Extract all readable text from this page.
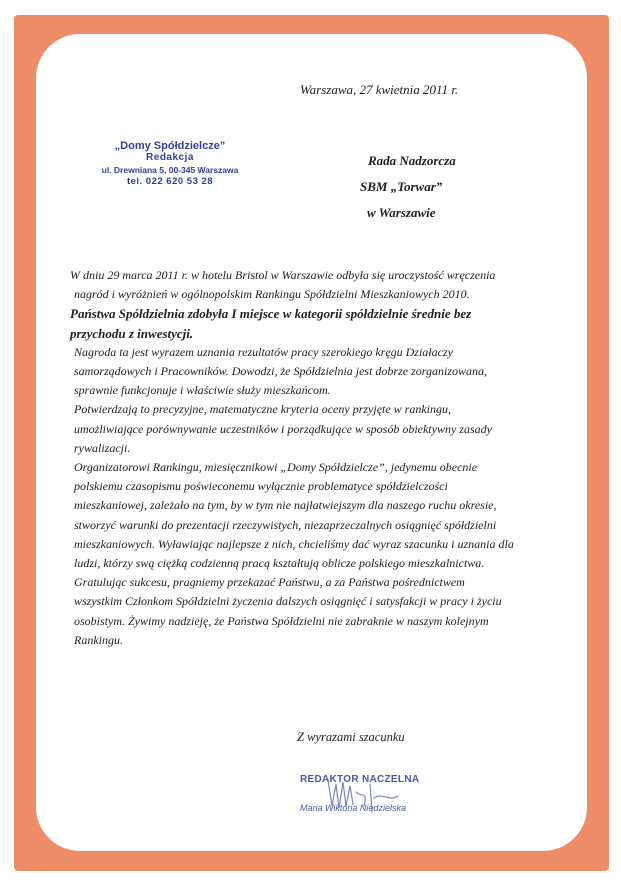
Warszawa, 27 kwietnia 2011 r.
„Domy Spółdzielcze”
Redakcja
ul. Drewniana 5, 00-345 Warszawa
tel. 022 620 53 28
Rada Nadzorcza
SBM „Torwar”
w Warszawie
W dniu 29 marca 2011 r. w hotelu Bristol w Warszawie odbyła się uroczystość wręczenia
nagród i wyróżnień w ogólnopolskim Rankingu Spółdzielni Mieszkaniowych 2010.
Państwa Spółdzielnia zdobyła I miejsce w kategorii spółdzielnie średnie bez
przychodu z inwestycji.
Nagroda ta jest wyrazem uznania rezultatów pracy szerokiego kręgu Działaczy
samorządowych i Pracowników. Dowodzi, że Spółdzielnia jest dobrze zorganizowana,
sprawnie funkcjonuje i właściwie służy mieszkańcom.
Potwierdzają to precyzyjne, matematyczne kryteria oceny przyjęte w rankingu,
umożliwiające porównywanie uczestników i porządkujące w sposób obiektywny zasady
rywalizacji.
Organizatorowi Rankingu, miesięcznikowi „Domy Spółdzielcze”, jedynemu obecnie
polskiemu czasopismu poświeconemu wyłącznie problematyce spółdzielczości
mieszkaniowej, zależało na tym, by w tym nie najłatwiejszym dla naszego ruchu okresie,
stworzyć warunki do prezentacji rzeczywistych, niezaprzeczalnych osiągnięć spółdzielni
mieszkaniowych. Wyławiając najlepsze z nich, chcieliśmy dać wyraz szacunku i uznania dla
ludzi, którzy swą ciężką codzienną pracą kształtują oblicze polskiego mieszkalnictwa.
Gratulując sukcesu, pragniemy przekazać Państwu, a za Państwa pośrednictwem
wszystkim Członkom Spółdzielni życzenia dalszych osiągnięć i satysfakcji w pracy i życiu
osobistym. Żywimy nadzieję, że Państwa Spółdzielni nie zabraknie w naszym kolejnym
Rankingu.
Z wyrazami szacunku
REDAKTOR NACZELNA
Maria Wiktoria Niedzielska
